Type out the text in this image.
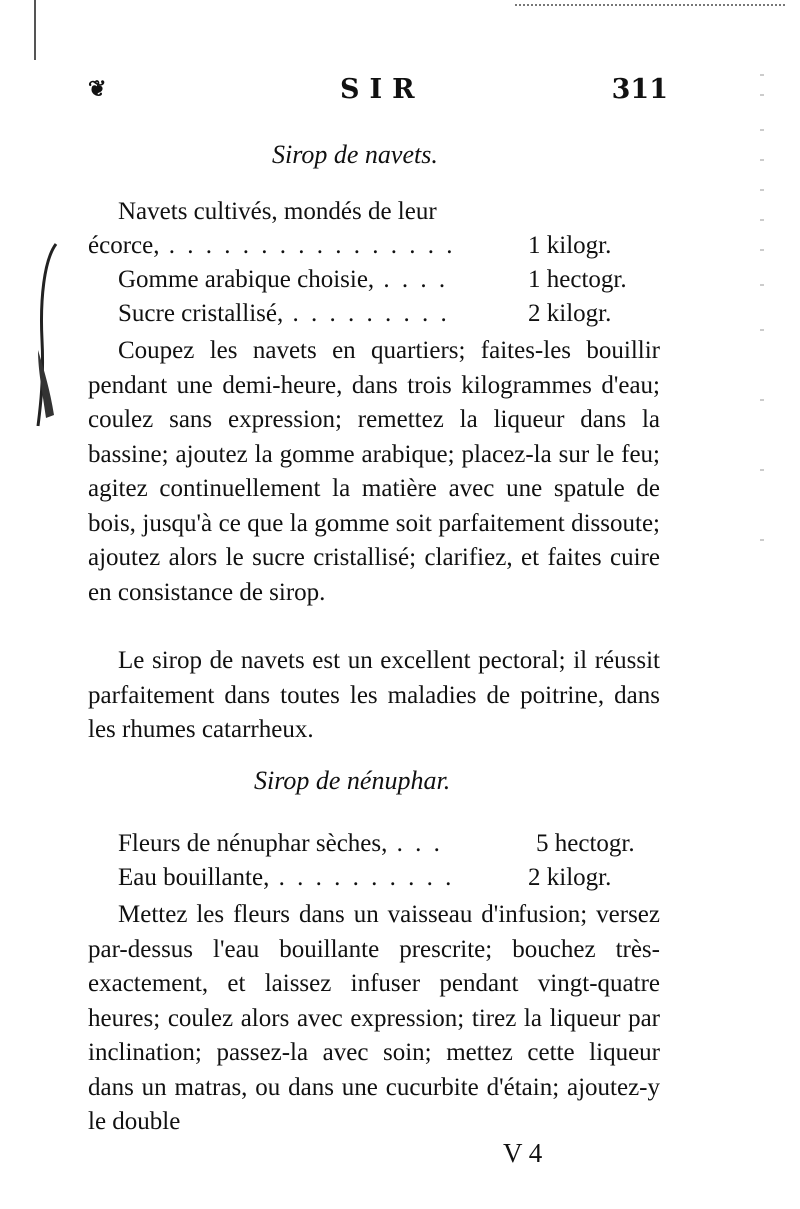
❦	SIR	311
Sirop de navets.
Navets cultivés, mondés de leur
écorce, . . . . . . . . . . . . . . . .	1 kilogr.
Gomme arabique choisie, . . . .	1 hectogr.
Sucre cristallisé, . . . . . . . . .	2 kilogr.
Coupez les navets en quartiers; faites-les bouillir pendant une demi-heure, dans trois kilogrammes d'eau; coulez sans expression; remettez la liqueur dans la bassine; ajoutez la gomme arabique; placez-la sur le feu; agitez continuellement la matière avec une spatule de bois, jusqu'à ce que la gomme soit parfaitement dissoute; ajoutez alors le sucre cristallisé; clarifiez, et faites cuire en consistance de sirop.
Le sirop de navets est un excellent pectoral; il réussit parfaitement dans toutes les maladies de poitrine, dans les rhumes catarrheux.
Sirop de nénuphar.
Fleurs de nénuphar sèches, . . .	5 hectogr.
Eau bouillante, . . . . . . . . . .	2 kilogr.
Mettez les fleurs dans un vaisseau d'infusion; versez par-dessus l'eau bouillante prescrite; bouchez très-exactement, et laissez infuser pendant vingt-quatre heures; coulez alors avec expression; tirez la liqueur par inclination; passez-la avec soin; mettez cette liqueur dans un matras, ou dans une cucurbite d'étain; ajoutez-y le double
V 4
